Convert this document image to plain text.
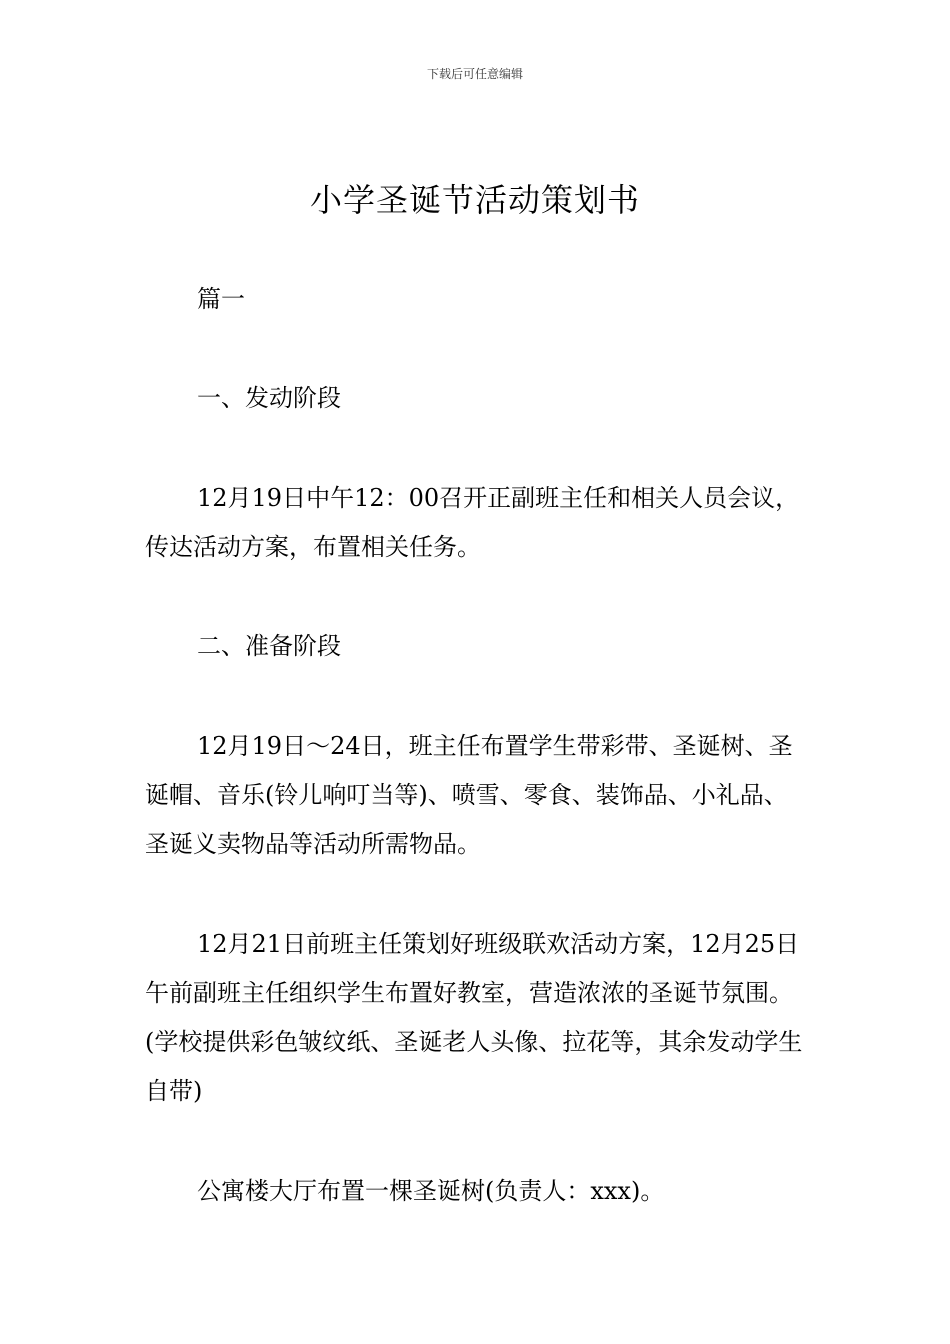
下载后可任意编辑
小学圣诞节活动策划书

篇一

一、发动阶段

12月19日中午12：00召开正副班主任和相关人员会议，传达活动方案，布置相关任务。

二、准备阶段

12月19日～24日，班主任布置学生带彩带、圣诞树、圣诞帽、音乐(铃儿响叮当等)、喷雪、零食、装饰品、小礼品、圣诞义卖物品等活动所需物品。

12月21日前班主任策划好班级联欢活动方案，12月25日午前副班主任组织学生布置好教室，营造浓浓的圣诞节氛围。(学校提供彩色皱纹纸、圣诞老人头像、拉花等，其余发动学生自带)

公寓楼大厅布置一棵圣诞树(负责人：xxx)。
